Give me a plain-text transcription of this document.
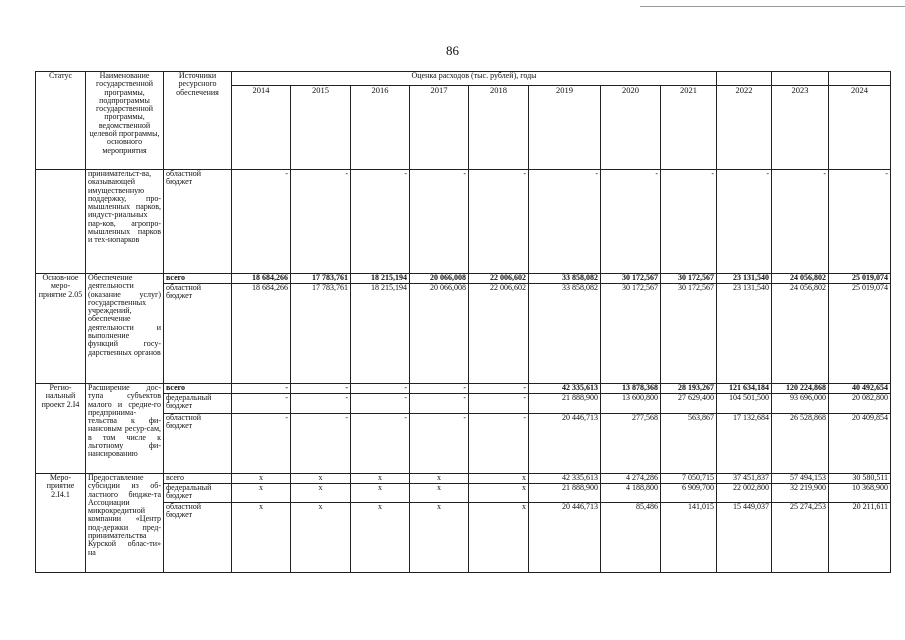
86
Статус	Наименование государственной программы, подпрограммы государственной программы, ведомственной целевой программы, основного мероприятия	Источники ресурсного обеспечения	Оценка расходов (тыс. рублей), годы										
			2014	2015	2016	2017	2018	2019	2020	2021	2022	2023	2024
	принимательст-ва, оказывающей имущественную поддержку, про-мышленных парков, индуст-риальных пар-ков, агропро-мышленных парков и тех-нопарков	областной бюджет	-	-	-	-	-	-	-	-	-	-	-
Основ-ное меро-приятие 2.05	Обеспечение деятельности (оказание услуг) государственных учреждений, обеспечение деятельности и выполнение функций госу-дарственных органов	всего	18 684,266	17 783,761	18 215,194	20 066,008	22 006,602	33 858,082	30 172,567	30 172,567	23 131,540	24 056,802	25 019,074
		областной бюджет	18 684,266	17 783,761	18 215,194	20 066,008	22 006,602	33 858,082	30 172,567	30 172,567	23 131,540	24 056,802	25 019,074
Регио-нальный проект 2.I4	Расширение дос-тупа субъектов малого и средне-го предпринима-тельства к фи-нансовым ресур-сам, в том числе к льготному фи-нансированию	всего	-	-	-	-	-	42 335,613	13 878,368	28 193,267	121 634,184	120 224,868	40 492,654
		федеральный бюджет	-	-	-	-	-	21 888,900	13 600,800	27 629,400	104 501,500	93 696,000	20 082,800
		областной бюджет	-	-	-	-	-	20 446,713	277,568	563,867	17 132,684	26 528,868	20 409,854
Меро-приятие 2.I4.1	Предоставление субсидии из об-ластного бюдже-та Ассоциации микрокредитной компании «Центр под-держки пред-принимательства Курской облас-ти» на	всего	x	x	x	x	x	42 335,613	4 274,286	7 050,715	37 451,837	57 494,153	30 580,511
		федеральный бюджет	x	x	x	x	x	21 888,900	4 188,800	6 909,700	22 002,800	32 219,900	10 368,900
		областной бюджет	x	x	x	x	x	20 446,713	85,486	141,015	15 449,037	25 274,253	20 211,611
